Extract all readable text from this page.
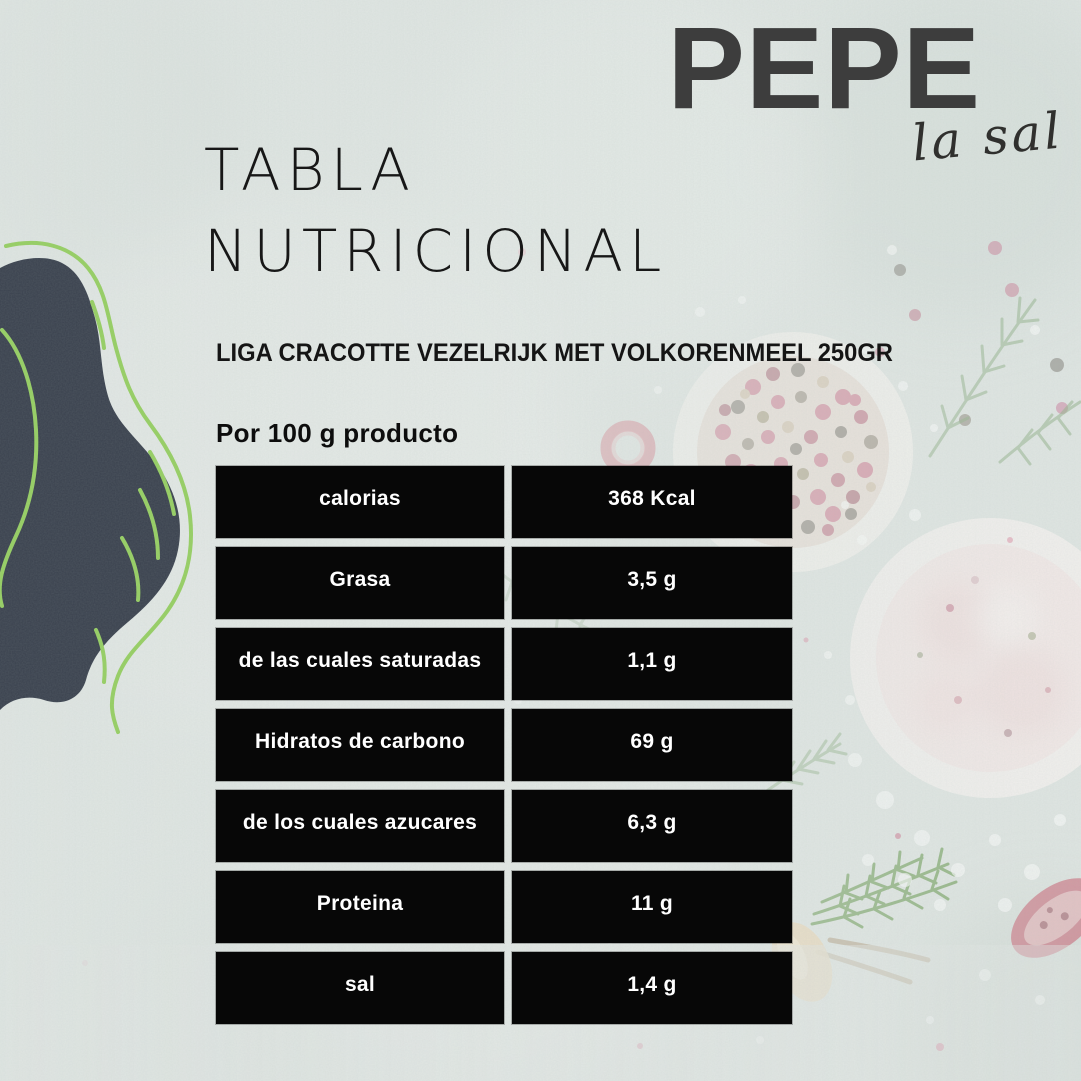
PEPE
la sal
TABLA
NUTRICIONAL
LIGA CRACOTTE VEZELRIJK MET VOLKORENMEEL 250GR
Por 100 g producto
calorias	368 Kcal
Grasa	3,5 g
de las cuales saturadas	1,1 g
Hidratos de carbono	69 g
de los cuales azucares	6,3 g
Proteina	11 g
sal	1,4 g
